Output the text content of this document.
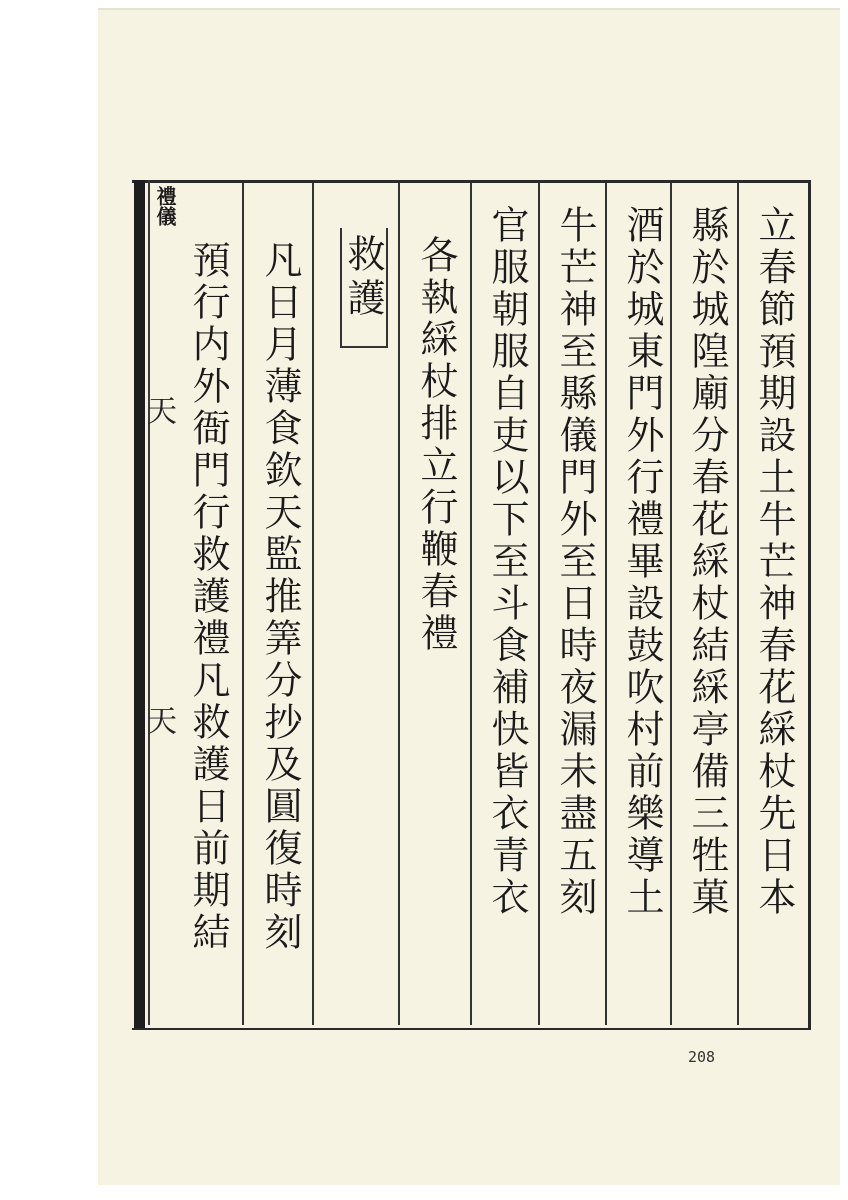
禮儀
天
天	立春節預期設土牛芒神春花綵杖先日本
縣於城隍廟分春花綵杖結綵亭備三牲菓
酒於城東門外行禮畢設鼓吹村前樂導土
牛芒神至縣儀門外至日時夜漏未盡五刻
官服朝服自吏以下至斗食補快皆衣青衣
各執綵杖排立行鞭春禮
救護
凡日月薄食欽天監推筭分抄及圓復時刻
預行内外衙門行救護禮凡救護日前期結
208
